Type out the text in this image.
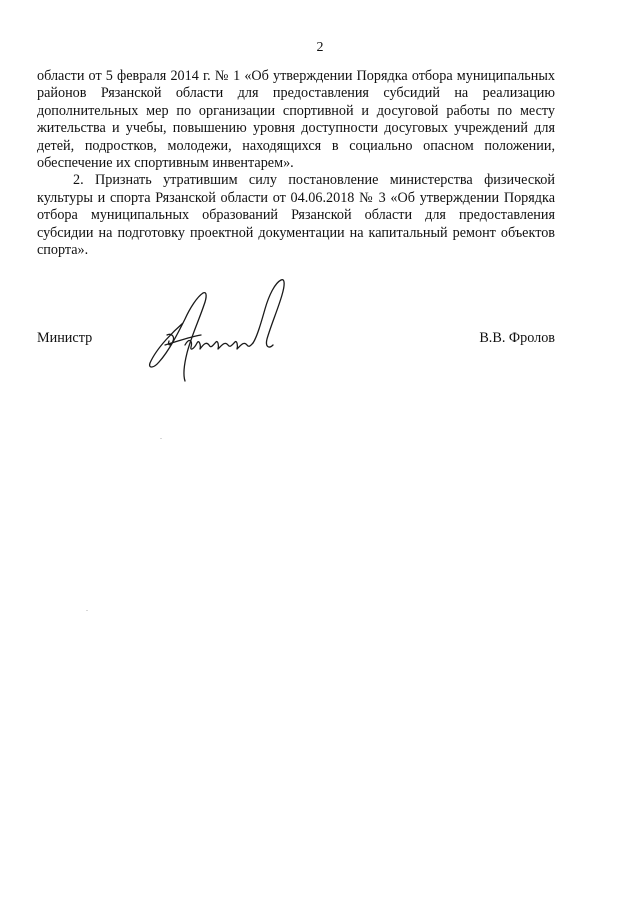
2

области от 5 февраля 2014 г. № 1 «Об утверждении Порядка отбора муниципальных районов Рязанской области для предоставления субсидий на реализацию дополнительных мер по организации спортивной и досуговой работы по месту жительства и учебы, повышению уровня доступности досуговых учреждений для детей, подростков, молодежи, находящихся в социально опасном положении, обеспечение их спортивным инвентарем».

2. Признать утратившим силу постановление министерства физической культуры и спорта Рязанской области от 04.06.2018 № 3 «Об утверждении Порядка отбора муниципальных образований Рязанской области для предоставления субсидии на подготовку проектной документации на капитальный ремонт объектов спорта».

Министр	В.В. Фролов
